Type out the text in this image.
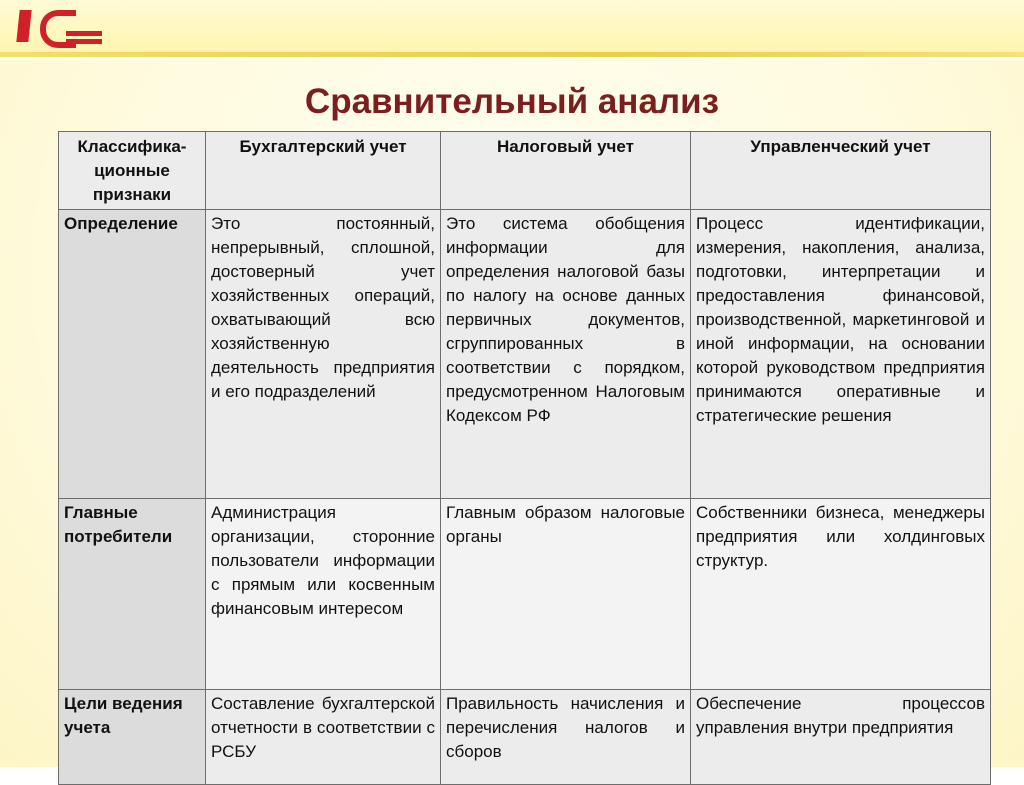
Сравнительный анализ
Классифика-ционные признаки	Бухгалтерский учет	Налоговый учет	Управленческий учет
Определение	Это постоянный, непрерывный, сплошной, достоверный учет хозяйственных операций, охватывающий всю хозяйственную деятельность предприятия и его подразделений	Это система обобщения информации для определения налоговой базы по налогу на основе данных первичных документов, сгруппированных в соответствии с порядком, предусмотренном Налоговым Кодексом РФ	Процесс идентификации, измерения, накопления, анализа, подготовки, интерпретации и предоставления финансовой, производственной, маркетинговой и иной информации, на основании которой руководством предприятия принимаются оперативные и стратегические решения
Главные потребители	Администрация организации, сторонние пользователи информации с прямым или косвенным финансовым интересом	Главным образом налоговые органы	Собственники бизнеса, менеджеры предприятия или холдинговых структур.
Цели ведения учета	Составление бухгалтерской отчетности в соответствии с РСБУ	Правильность начисления и перечисления налогов и сборов	Обеспечение процессов управления внутри предприятия
